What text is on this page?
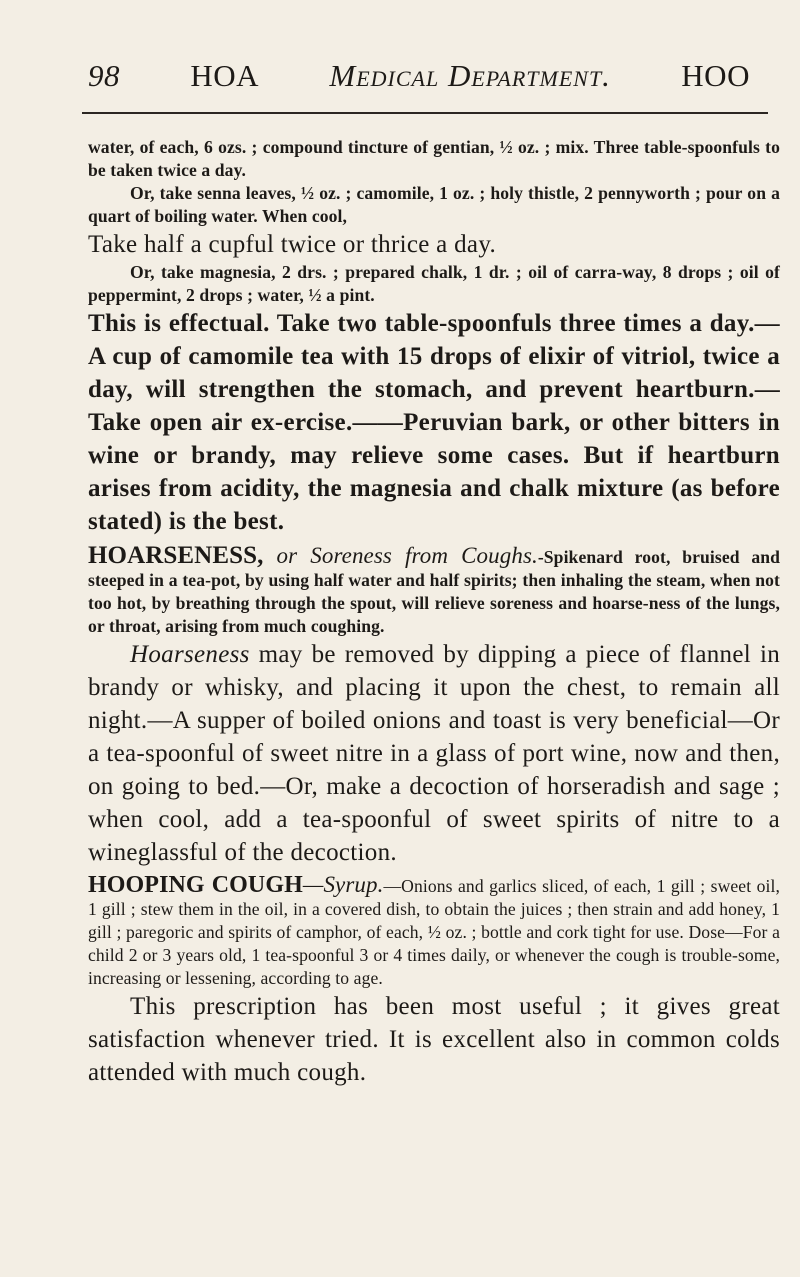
98 HOA Medical Department. HOO

water, of each, 6 ozs. ; compound tincture of gentian, ½ oz. ; mix. Three table-spoonfuls to be taken twice a day.

Or, take senna leaves, ½ oz. ; camomile, 1 oz. ; holy thistle, 2 pennyworth ; pour on a quart of boiling water. When cool,

Take half a cupful twice or thrice a day.

Or, take magnesia, 2 drs. ; prepared chalk, 1 dr. ; oil of carra-way, 8 drops ; oil of peppermint, 2 drops ; water, ½ a pint.

This is effectual. Take two table-spoonfuls three times a day.—A cup of camomile tea with 15 drops of elixir of vitriol, twice a day, will strengthen the stomach, and prevent heartburn.—Take open air ex-ercise.——Peruvian bark, or other bitters in wine or brandy, may relieve some cases. But if heartburn arises from acidity, the magnesia and chalk mixture (as before stated) is the best.

HOARSENESS, or Soreness from Coughs.-Spikenard root, bruised and steeped in a tea-pot, by using half water and half spirits; then inhaling the steam, when not too hot, by breathing through the spout, will relieve soreness and hoarse-ness of the lungs, or throat, arising from much coughing.

Hoarseness may be removed by dipping a piece of flannel in brandy or whisky, and placing it upon the chest, to remain all night.—A supper of boiled onions and toast is very beneficial—Or a tea-spoonful of sweet nitre in a glass of port wine, now and then, on going to bed.—Or, make a decoction of horseradish and sage ; when cool, add a tea-spoonful of sweet spirits of nitre to a wineglassful of the decoction.

HOOPING COUGH—Syrup.—Onions and garlics sliced, of each, 1 gill ; sweet oil, 1 gill ; stew them in the oil, in a covered dish, to obtain the juices ; then strain and add honey, 1 gill ; paregoric and spirits of camphor, of each, ½ oz. ; bottle and cork tight for use. Dose—For a child 2 or 3 years old, 1 tea-spoonful 3 or 4 times daily, or whenever the cough is trouble-some, increasing or lessening, according to age.

This prescription has been most useful ; it gives great satisfaction whenever tried. It is excellent also in common colds attended with much cough.
